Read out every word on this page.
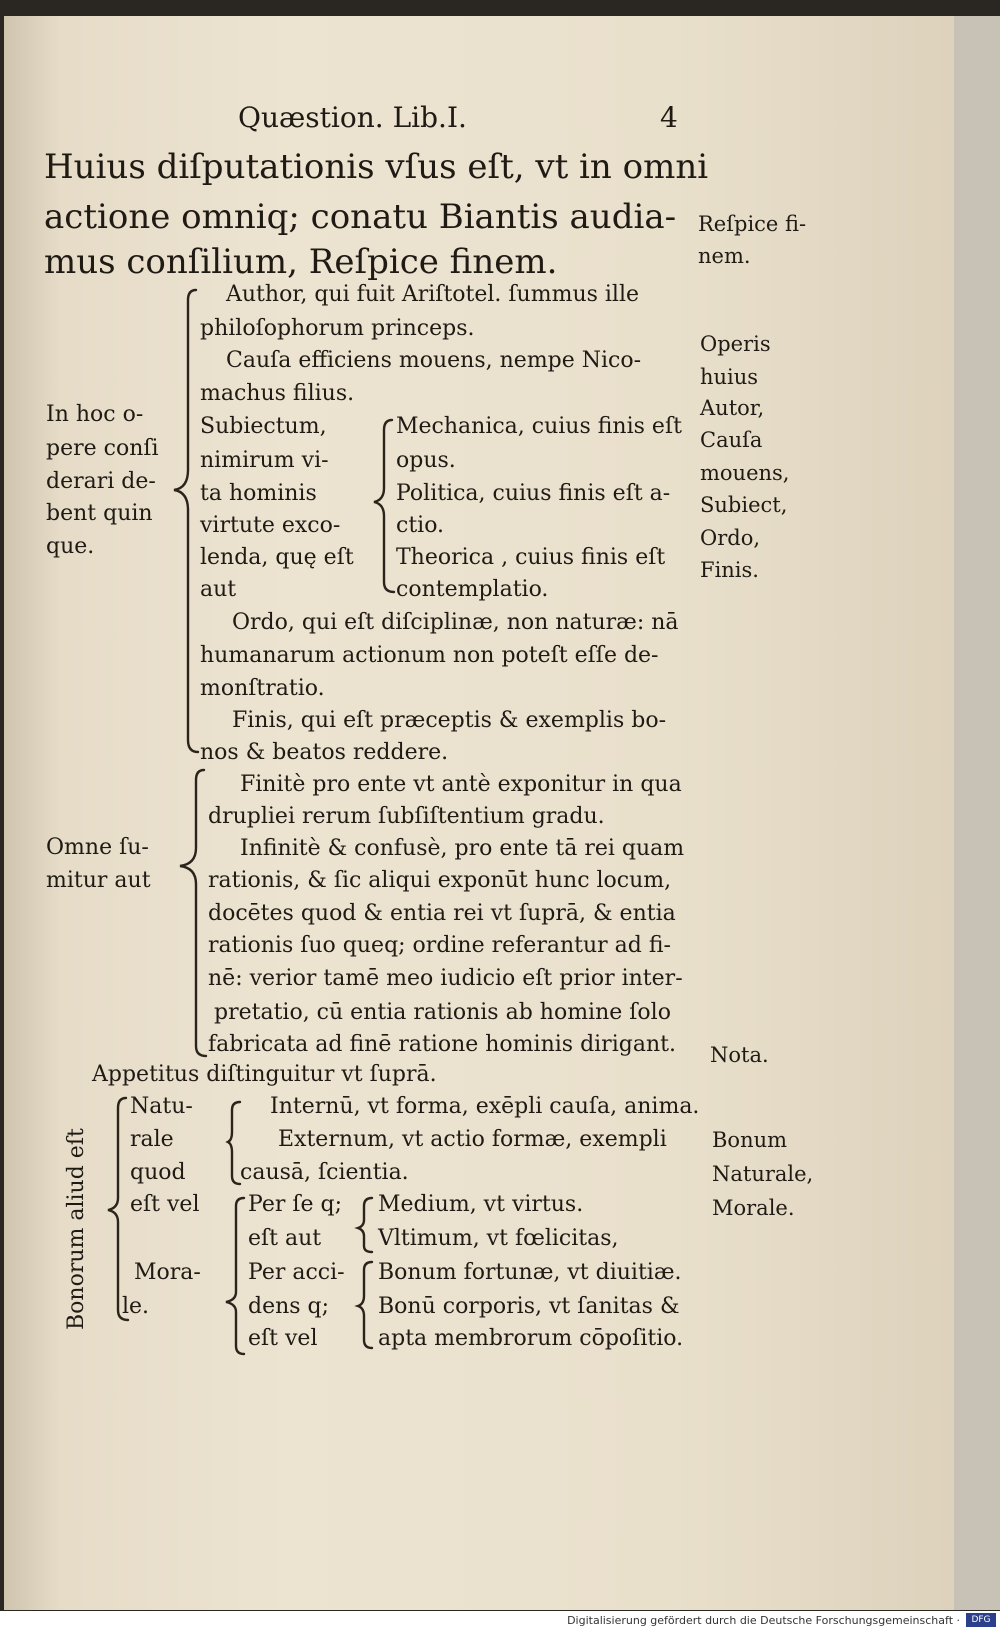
Quæstion. Lib.I.	4
Huius diſputationis vſus eſt, vt in omni
actione omniq; conatu Biantis audia-
mus conſilium, Reſpice finem.
Reſpice fi-
nem.
Operis
huius
Autor,
Cauſa
mouens,
Subiect,
Ordo,
Finis.
Nota.
Bonum
Naturale,
Morale.
In hoc o-
pere conſi
derari de-
bent quin
que.
Author, qui fuit Ariſtotel. ſummus ille
philoſophorum princeps.
Cauſa efficiens mouens, nempe Nico-
machus filius.
Subiectum,
nimirum vi-
ta hominis
virtute exco-
lenda, quę eſt
aut
Mechanica, cuius finis eſt
opus.
Politica, cuius finis eſt a-
ctio.
Theorica , cuius finis eſt
contemplatio.
Ordo, qui eſt diſciplinæ, non naturæ: nā
humanarum actionum non poteſt eſſe de-
monſtratio.
Finis, qui eſt præceptis & exemplis bo-
nos & beatos reddere.
Omne ſu-
mitur aut
Finitè pro ente vt antè exponitur in qua
drupliei rerum ſubſiſtentium gradu.
Infinitè & confusè, pro ente tā rei quam
rationis, & ſic aliqui exponūt hunc locum,
docētes quod & entia rei vt ſuprā, & entia
rationis ſuo queq; ordine referantur ad fi-
nē: verior tamē meo iudicio eſt prior inter-
pretatio, cū entia rationis ab homine ſolo
fabricata ad finē ratione hominis dirigant.
Appetitus diſtinguitur vt ſuprā.
Bonorum aliud eſt
Natu-
rale
quod
eſt vel
Internū, vt forma, exēpli cauſa, anima.
Externum, vt actio formæ, exempli
causā, ſcientia.
Mora-
le.
Per ſe q;
eſt aut
Medium, vt virtus.
Vltimum, vt fœlicitas,
Per acci-
dens q;
eſt vel
Bonum fortunæ, vt diuitiæ.
Bonū corporis, vt ſanitas &
apta membrorum cōpoſitio.
Digitalisierung gefördert durch die Deutsche Forschungsgemeinschaft ·	DFG
